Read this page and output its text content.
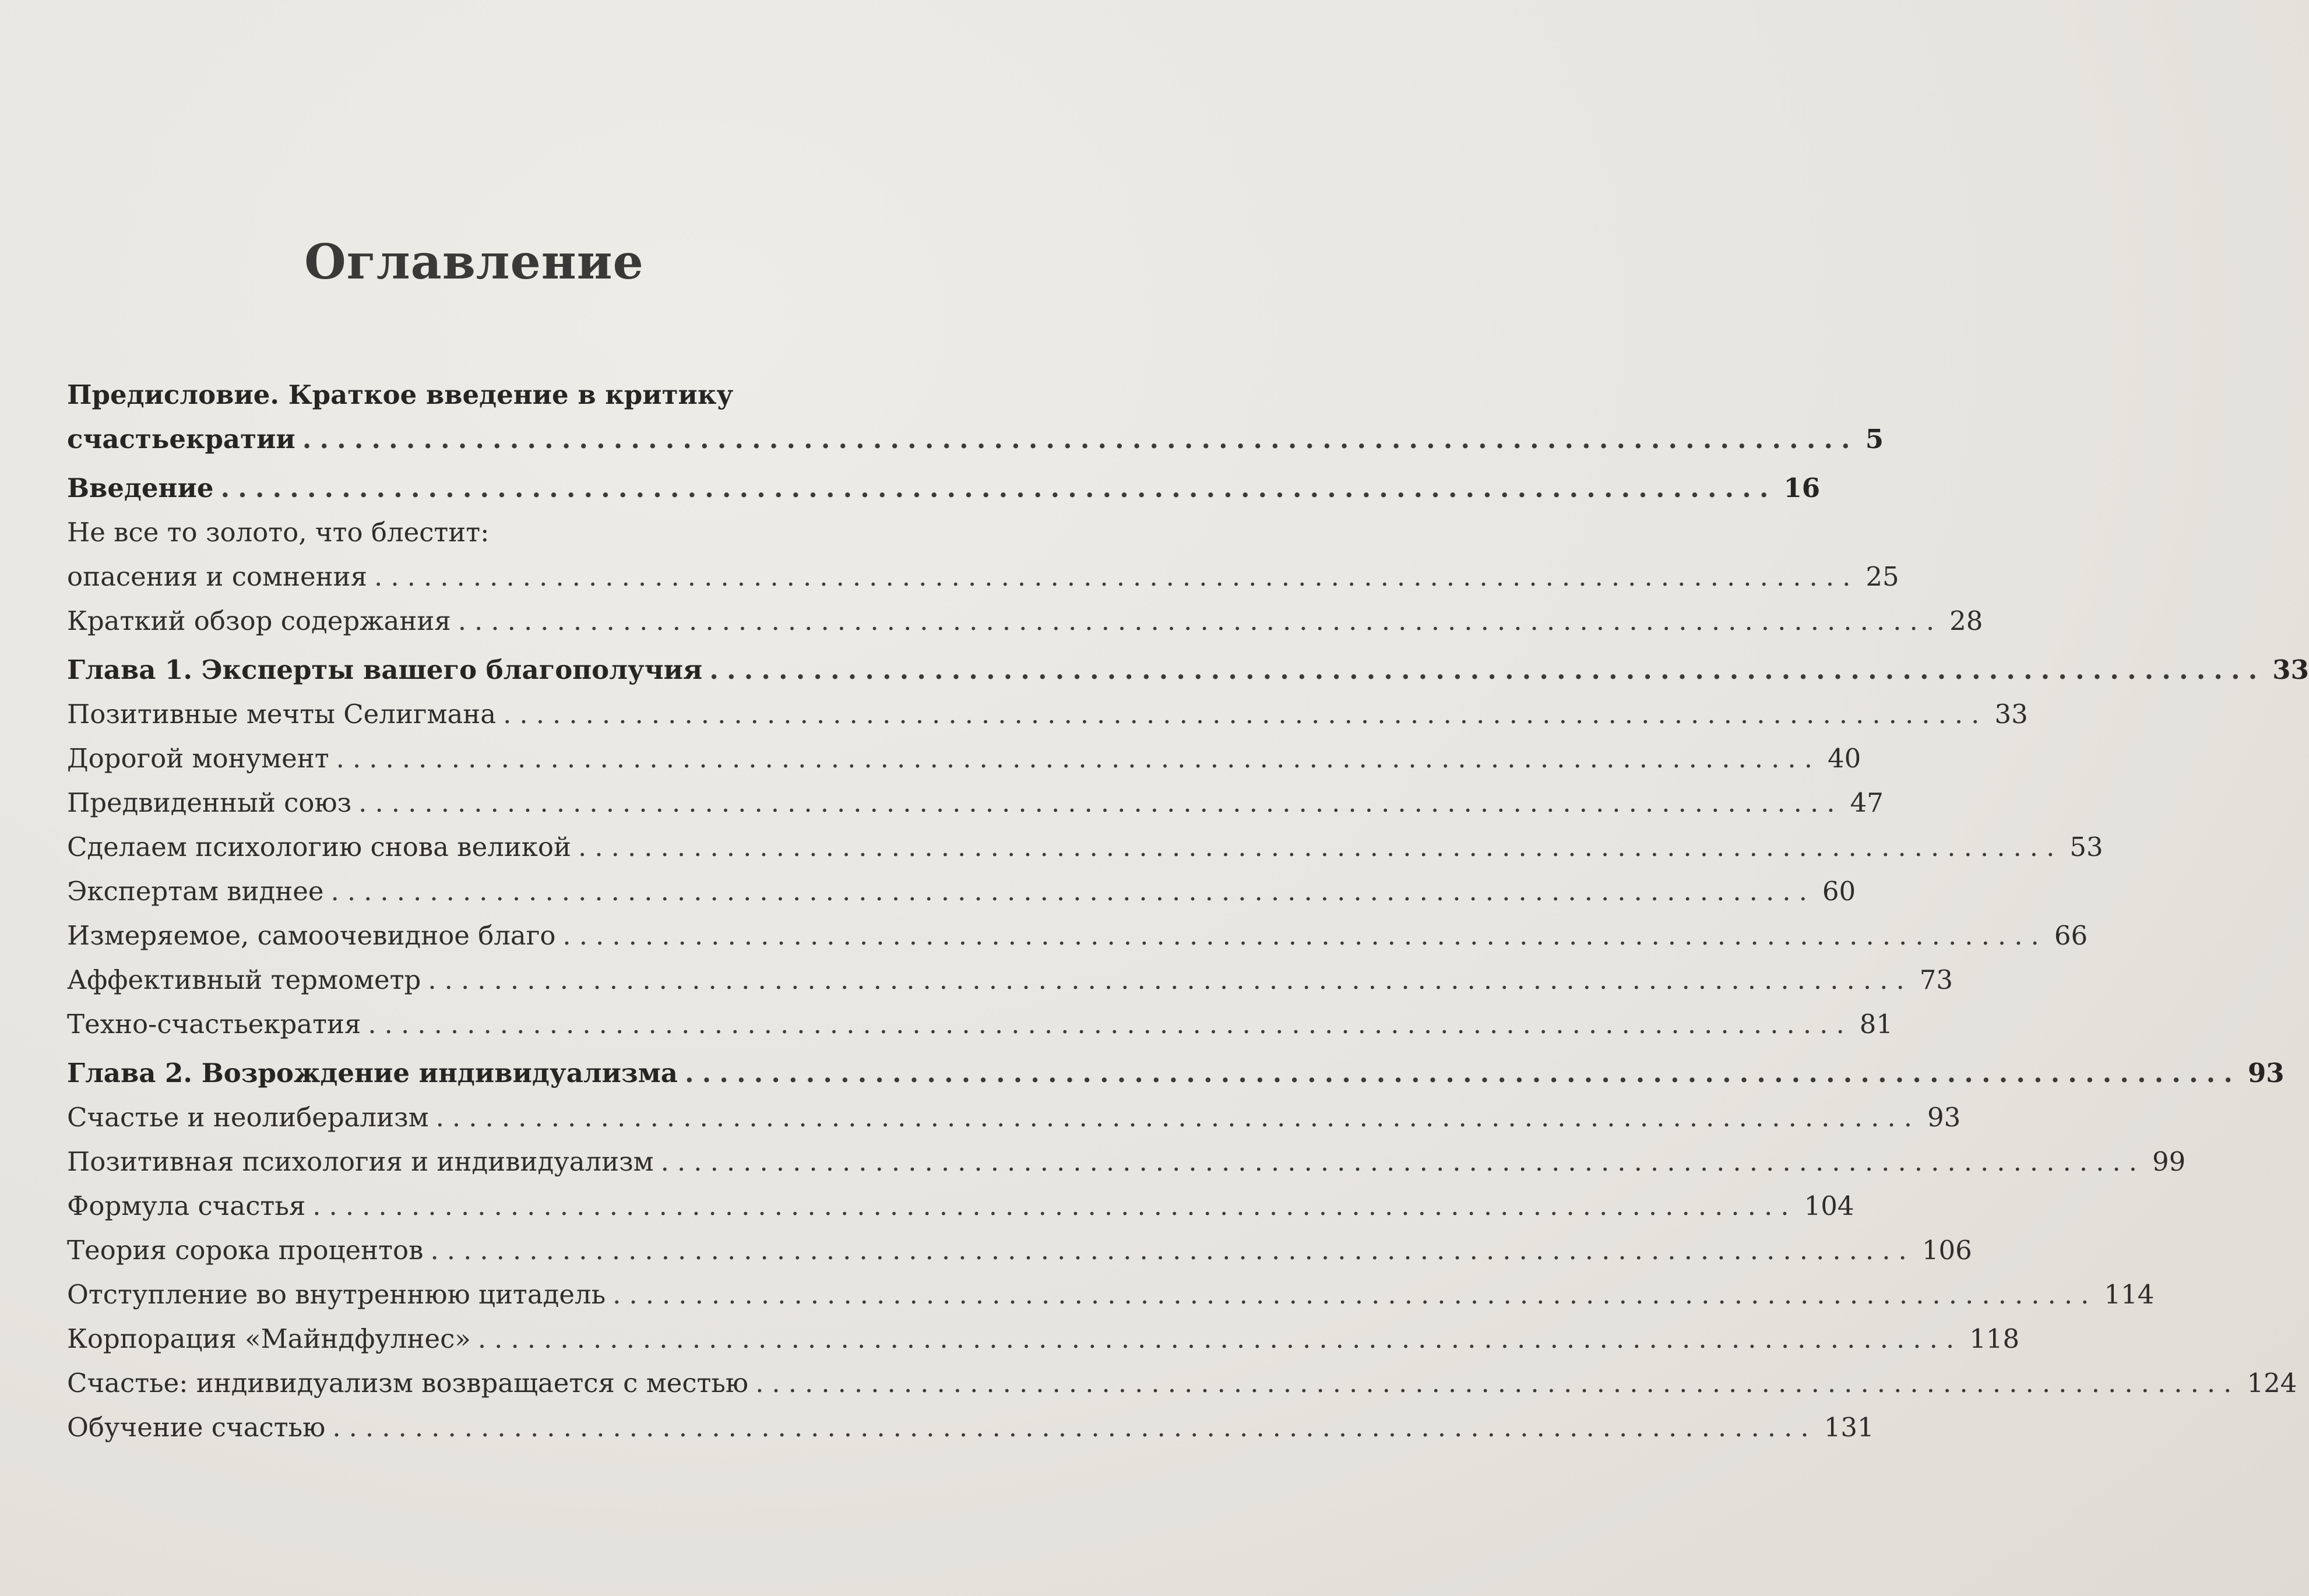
Оглавление
Предисловие. Краткое введение в критику
счастьекратии .......................................................................................... 5
Введение .......................................................................................... 16
Не все то золото, что блестит:
опасения и сомнения .......................................................................................... 25
Краткий обзор содержания .......................................................................................... 28
Глава 1. Эксперты вашего благополучия .......................................................................................... 33
Позитивные мечты Селигмана .......................................................................................... 33
Дорогой монумент .......................................................................................... 40
Предвиденный союз .......................................................................................... 47
Сделаем психологию снова великой .......................................................................................... 53
Экспертам виднее .......................................................................................... 60
Измеряемое, самоочевидное благо .......................................................................................... 66
Аффективный термометр .......................................................................................... 73
Техно-счастьекратия .......................................................................................... 81
Глава 2. Возрождение индивидуализма .......................................................................................... 93
Счастье и неолиберализм .......................................................................................... 93
Позитивная психология и индивидуализм .......................................................................................... 99
Формула счастья .......................................................................................... 104
Теория сорока процентов .......................................................................................... 106
Отступление во внутреннюю цитадель .......................................................................................... 114
Корпорация «Майндфулнес» .......................................................................................... 118
Счастье: индивидуализм возвращается с местью .......................................................................................... 124
Обучение счастью .......................................................................................... 131
